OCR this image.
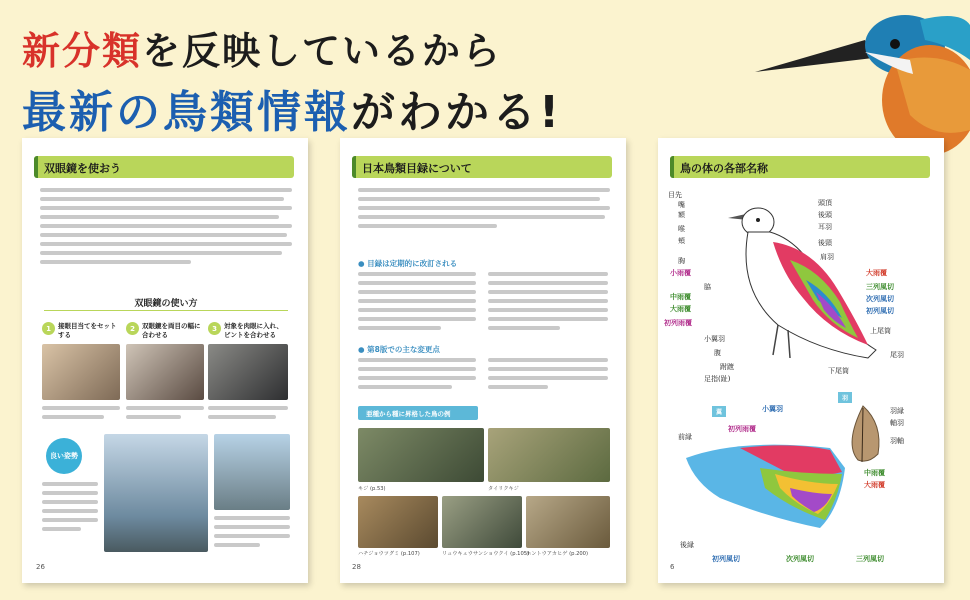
新分類を反映しているから
最新の鳥類情報がわかる!
双眼鏡を使おう
双眼鏡の使い方
1	接眼目当てをセットする
2	双眼鏡を両目の幅に合わせる
3	対象を肉眼に入れ、ピントを合わせる
良い姿勢
26
日本鳥類目録について
● 目録は定期的に改訂される
● 第8版での主な変更点
亜種から種に昇格した鳥の例
キジ (p.53)	タイリクキジ
ハチジョウツグミ (p.107)	リュウキュウサンショウクイ (p.105)
ホントウアカヒゲ (p.200)
28
鳥の体の各部名称
目先
嘴
額
喉
頬
胸
小雨覆
中雨覆
大雨覆
初列雨覆
脇
小翼羽
腹
跗蹠
足指(趾)
頭頂
後頭
耳羽
後頸
肩羽
大雨覆
三列風切
次列風切
初列風切
上尾筒
尾羽
下尾筒
翼
羽
羽縁
軸羽
羽軸
小翼羽
初列雨覆
前縁
中雨覆
大雨覆
後縁
初列風切	次列風切	三列風切
6
